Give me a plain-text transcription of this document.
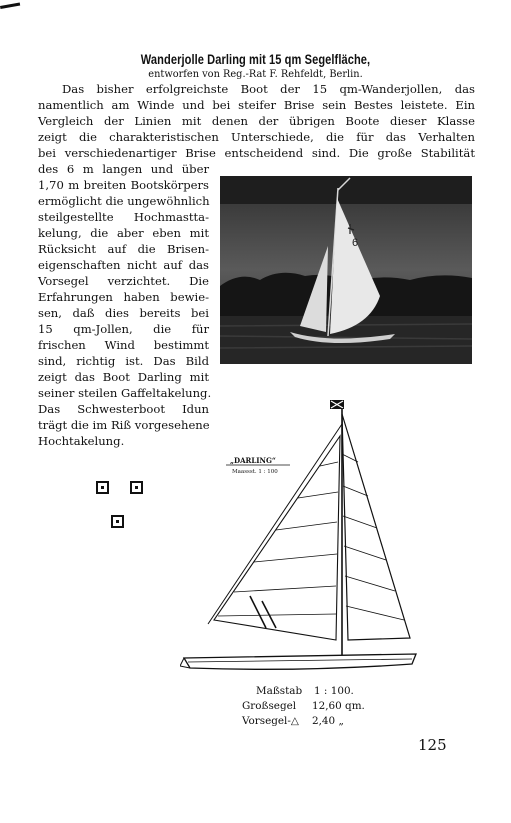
Wanderjolle Darling mit 15 qm Segelfläche,
entworfen von Reg.-Rat F. Rehfeldt, Berlin.
Das bisher erfolgreichste Boot der 15 qm-Wanderjollen, das
namentlich am Winde und bei steifer Brise sein Bestes leistete. Ein
Vergleich der Linien mit denen der übrigen Boote dieser Klasse
zeigt die charakteristischen Unterschiede, die für das Verhalten
bei verschiedenartiger Brise entscheidend sind. Die große Stabilität
des 6 m langen und über
1,70 m breiten Bootskörpers
ermöglicht die ungewöhnlich
steilgestellte Hochmastta-
kelung, die aber eben mit
Rücksicht auf die Brisen-
eigenschaften nicht auf das
Vorsegel verzichtet. Die
Erfahrungen haben bewie-
sen, daß dies bereits bei
15 qm-Jollen, die für
frischen Wind bestimmt
sind, richtig ist. Das Bild
zeigt das Boot Darling mit
seiner steilen Gaffeltakelung.
Das Schwesterboot Idun
trägt die im Riß vorgesehene
Hochtakelung.
6
„DARLING“
Maassst. 1 : 100
Maßstab 1 : 100.
Großsegel 12,60 qm.
Vorsegel-△ 2,40 „
125
